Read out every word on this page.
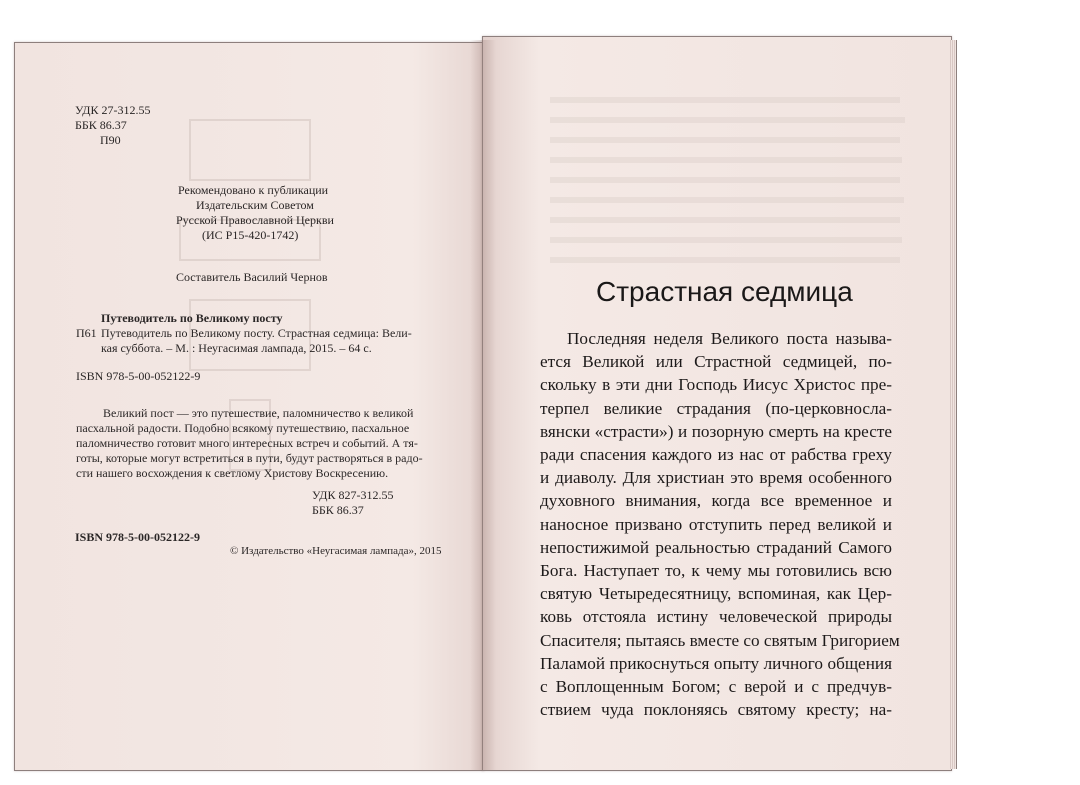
УДК 27-312.55
ББК 86.37
П90
Рекомендовано к публикации
Издательским Советом
Русской Православной Церкви
(ИС Р15-420-1742)
Составитель Василий Чернов
Путеводитель по Великому посту
П61 Путеводитель по Великому посту. Страстная седмица: Вели-
кая суббота. – М. : Неугасимая лампада, 2015. – 64 с.
ISBN 978-5-00-052122-9
Великий пост — это путешествие, паломничество к великой
пасхальной радости. Подобно всякому путешествию, пасхальное
паломничество готовит много интересных встреч и событий. А тя-
готы, которые могут встретиться в пути, будут растворяться в радо-
сти нашего восхождения к светлому Христову Воскресению.
УДК 827-312.55
ББК 86.37
ISBN 978-5-00-052122-9
© Издательство «Неугасимая лампада», 2015
Страстная седмица

Последняя неделя Великого поста называ-

ется Великой или Страстной седмицей, по-

скольку в эти дни Господь Иисус Христос пре-

терпел великие страдания (по-церковносла-

вянски «страсти») и позорную смерть на кресте

ради спасения каждого из нас от рабства греху

и диаволу. Для христиан это время особенного

духовного внимания, когда все временное и

наносное призвано отступить перед великой и

непостижимой реальностью страданий Самого

Бога. Наступает то, к чему мы готовились всю

святую Четыредесятницу, вспоминая, как Цер-

ковь отстояла истину человеческой природы

Спасителя; пытаясь вместе со святым Григорием

Паламой прикоснуться опыту личного общения

с Воплощенным Богом; с верой и с предчув-

ствием чуда поклоняясь святому кресту; на-
